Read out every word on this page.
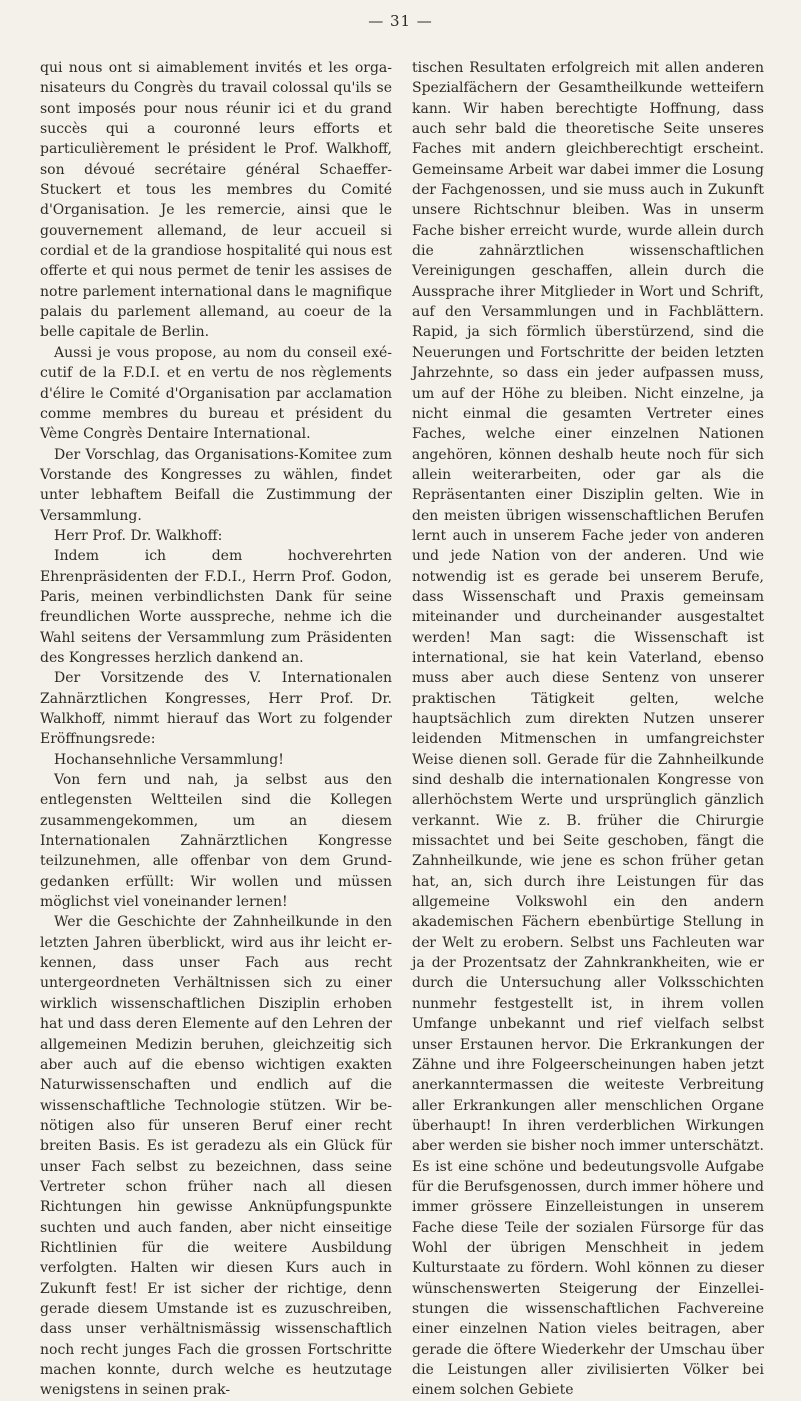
— 31 —

qui nous ont si aimablement invités et les organisateurs du Congrès du travail colossal qu'ils se sont imposés pour nous réunir ici et du grand succès qui a couronné leurs efforts et particulièrement le président le Prof. Walkhoff, son dévoué secrétaire général Schaeffer-Stuckert et tous les membres du Comité d'Organisation. Je les remercie, ainsi que le gouvernement allemand, de leur accueil si cordial et de la grandiose hospitalité qui nous est offerte et qui nous permet de tenir les assises de notre parlement international dans le magnifique palais du parlement allemand, au coeur de la belle capitale de Berlin.

Aussi je vous propose, au nom du conseil exécutif de la F.D.I. et en vertu de nos règlements d'élire le Comité d'Organisation par acclamation comme membres du bureau et président du Vème Congrès Dentaire International.

Der Vorschlag, das Organisations-Komitee zum Vorstande des Kongresses zu wählen, findet unter lebhaftem Beifall die Zustimmung der Versammlung.

Herr Prof. Dr. Walkhoff:

Indem ich dem hochverehrten Ehrenpräsidenten der F.D.I., Herrn Prof. Godon, Paris, meinen verbindlichsten Dank für seine freundlichen Worte ausspreche, nehme ich die Wahl seitens der Versammlung zum Präsidenten des Kongresses herzlich dankend an.

Der Vorsitzende des V. Internationalen Zahnärztlichen Kongresses, Herr Prof. Dr. Walkhoff, nimmt hierauf das Wort zu folgender Eröffnungsrede:

Hochansehnliche Versammlung!

Von fern und nah, ja selbst aus den entlegensten Weltteilen sind die Kollegen zusammengekommen, um an diesem Internationalen Zahnärztlichen Kongresse teilzunehmen, alle offenbar von dem Grundgedanken erfüllt: Wir wollen und müssen möglichst viel voneinander lernen!

Wer die Geschichte der Zahnheilkunde in den letzten Jahren überblickt, wird aus ihr leicht erkennen, dass unser Fach aus recht untergeordneten Verhältnissen sich zu einer wirklich wissenschaftlichen Disziplin erhoben hat und dass deren Elemente auf den Lehren der allgemeinen Medizin beruhen, gleichzeitig sich aber auch auf die ebenso wichtigen exakten Naturwissenschaften und endlich auf die wissenschaftliche Technologie stützen. Wir benötigen also für unseren Beruf einer recht breiten Basis. Es ist geradezu als ein Glück für unser Fach selbst zu bezeichnen, dass seine Vertreter schon früher nach all diesen Richtungen hin gewisse Anknüpfungspunkte suchten und auch fanden, aber nicht einseitige Richtlinien für die weitere Ausbildung verfolgten. Halten wir diesen Kurs auch in Zukunft fest! Er ist sicher der richtige, denn gerade diesem Umstande ist es zuzuschreiben, dass unser verhältnismässig wissenschaftlich noch recht junges Fach die grossen Fortschritte machen konnte, durch welche es heutzutage wenigstens in seinen prak-

tischen Resultaten erfolgreich mit allen anderen Spezialfächern der Gesamtheilkunde wetteifern kann. Wir haben berechtigte Hoffnung, dass auch sehr bald die theoretische Seite unseres Faches mit andern gleichberechtigt erscheint. Gemeinsame Arbeit war dabei immer die Losung der Fachgenossen, und sie muss auch in Zukunft unsere Richtschnur bleiben. Was in unserm Fache bisher erreicht wurde, wurde allein durch die zahnärztlichen wissenschaftlichen Vereinigungen geschaffen, allein durch die Aussprache ihrer Mitglieder in Wort und Schrift, auf den Versammlungen und in Fachblättern. Rapid, ja sich förmlich überstürzend, sind die Neuerungen und Fortschritte der beiden letzten Jahrzehnte, so dass ein jeder aufpassen muss, um auf der Höhe zu bleiben. Nicht einzelne, ja nicht einmal die gesamten Vertreter eines Faches, welche einer einzelnen Nationen angehören, können deshalb heute noch für sich allein weiterarbeiten, oder gar als die Repräsentanten einer Disziplin gelten. Wie in den meisten übrigen wissenschaftlichen Berufen lernt auch in unserem Fache jeder von anderen und jede Nation von der anderen. Und wie notwendig ist es gerade bei unserem Berufe, dass Wissenschaft und Praxis gemeinsam miteinander und durcheinander ausgestaltet werden! Man sagt: die Wissenschaft ist international, sie hat kein Vaterland, ebenso muss aber auch diese Sentenz von unserer praktischen Tätigkeit gelten, welche hauptsächlich zum direkten Nutzen unserer leidenden Mitmenschen in umfangreichster Weise dienen soll. Gerade für die Zahnheilkunde sind deshalb die internationalen Kongresse von allerhöchstem Werte und ursprünglich gänzlich verkannt. Wie z. B. früher die Chirurgie missachtet und bei Seite geschoben, fängt die Zahnheilkunde, wie jene es schon früher getan hat, an, sich durch ihre Leistungen für das allgemeine Volkswohl ein den andern akademischen Fächern ebenbürtige Stellung in der Welt zu erobern. Selbst uns Fachleuten war ja der Prozentsatz der Zahnkrankheiten, wie er durch die Untersuchung aller Volksschichten nunmehr festgestellt ist, in ihrem vollen Umfange unbekannt und rief vielfach selbst unser Erstaunen hervor. Die Erkrankungen der Zähne und ihre Folgeerscheinungen haben jetzt anerkanntermassen die weiteste Verbreitung aller Erkrankungen aller menschlichen Organe überhaupt! In ihren verderblichen Wirkungen aber werden sie bisher noch immer unterschätzt. Es ist eine schöne und bedeutungsvolle Aufgabe für die Berufsgenossen, durch immer höhere und immer grössere Einzelleistungen in unserem Fache diese Teile der sozialen Fürsorge für das Wohl der übrigen Menschheit in jedem Kulturstaate zu fördern. Wohl können zu dieser wünschenswerten Steigerung der Einzelleistungen die wissenschaftlichen Fachvereine einer einzelnen Nation vieles beitragen, aber gerade die öftere Wiederkehr der Umschau über die Leistungen aller zivilisierten Völker bei einem solchen Gebiete
